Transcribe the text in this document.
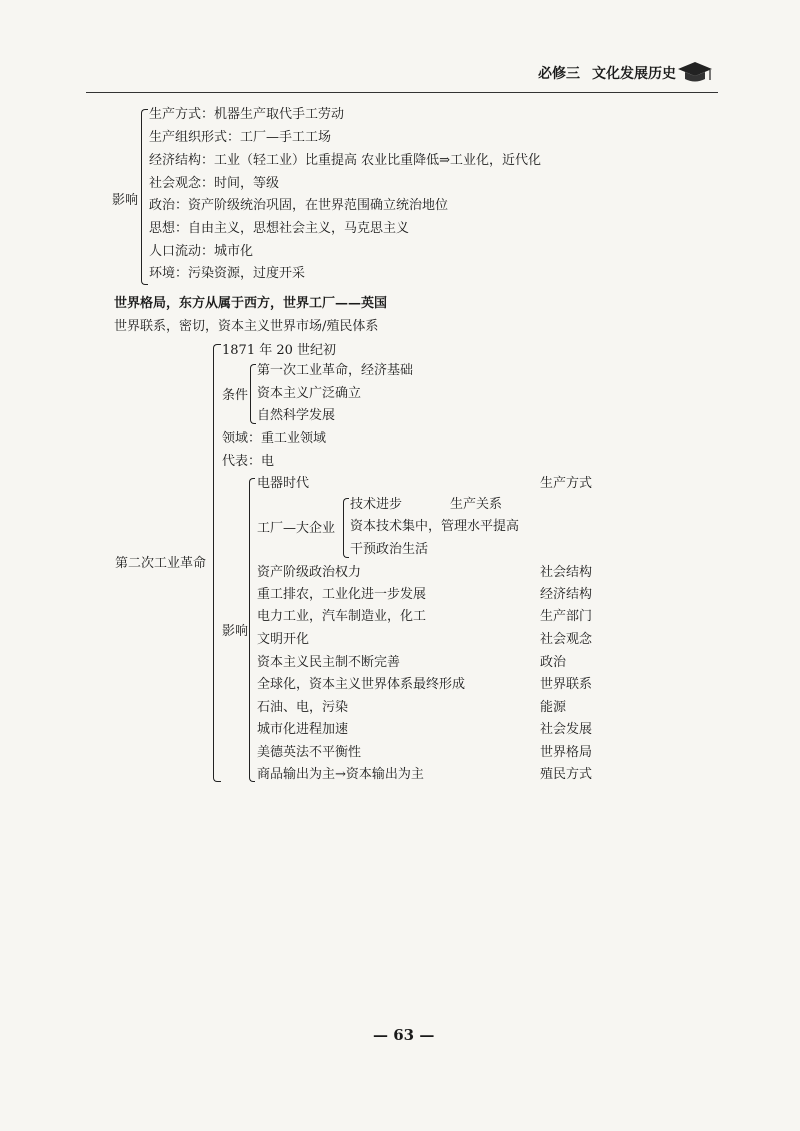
必修三 文化发展历史
影响
生产方式：机器生产取代手工劳动
生产组织形式：工厂—手工工场
经济结构：工业（轻工业）比重提高 农业比重降低⇒工业化，近代化
社会观念：时间，等级
政治：资产阶级统治巩固，在世界范围确立统治地位
思想：自由主义，思想社会主义，马克思主义
人口流动：城市化
环境：污染资源，过度开采
世界格局，东方从属于西方，世界工厂——英国
世界联系，密切，资本主义世界市场/殖民体系
第二次工业革命
1871 年 20 世纪初
条件
第一次工业革命，经济基础
资本主义广泛确立
自然科学发展
领域：重工业领域
代表：电
影响
电器时代	生产方式
工厂—大企业
技术进步	生产关系
资本技术集中，管理水平提高
干预政治生活
资产阶级政治权力	社会结构
重工排农，工业化进一步发展	经济结构
电力工业，汽车制造业，化工	生产部门
文明开化	社会观念
资本主义民主制不断完善	政治
全球化，资本主义世界体系最终形成	世界联系
石油、电，污染	能源
城市化进程加速	社会发展
美德英法不平衡性	世界格局
商品输出为主→资本输出为主	殖民方式
— 63 —
